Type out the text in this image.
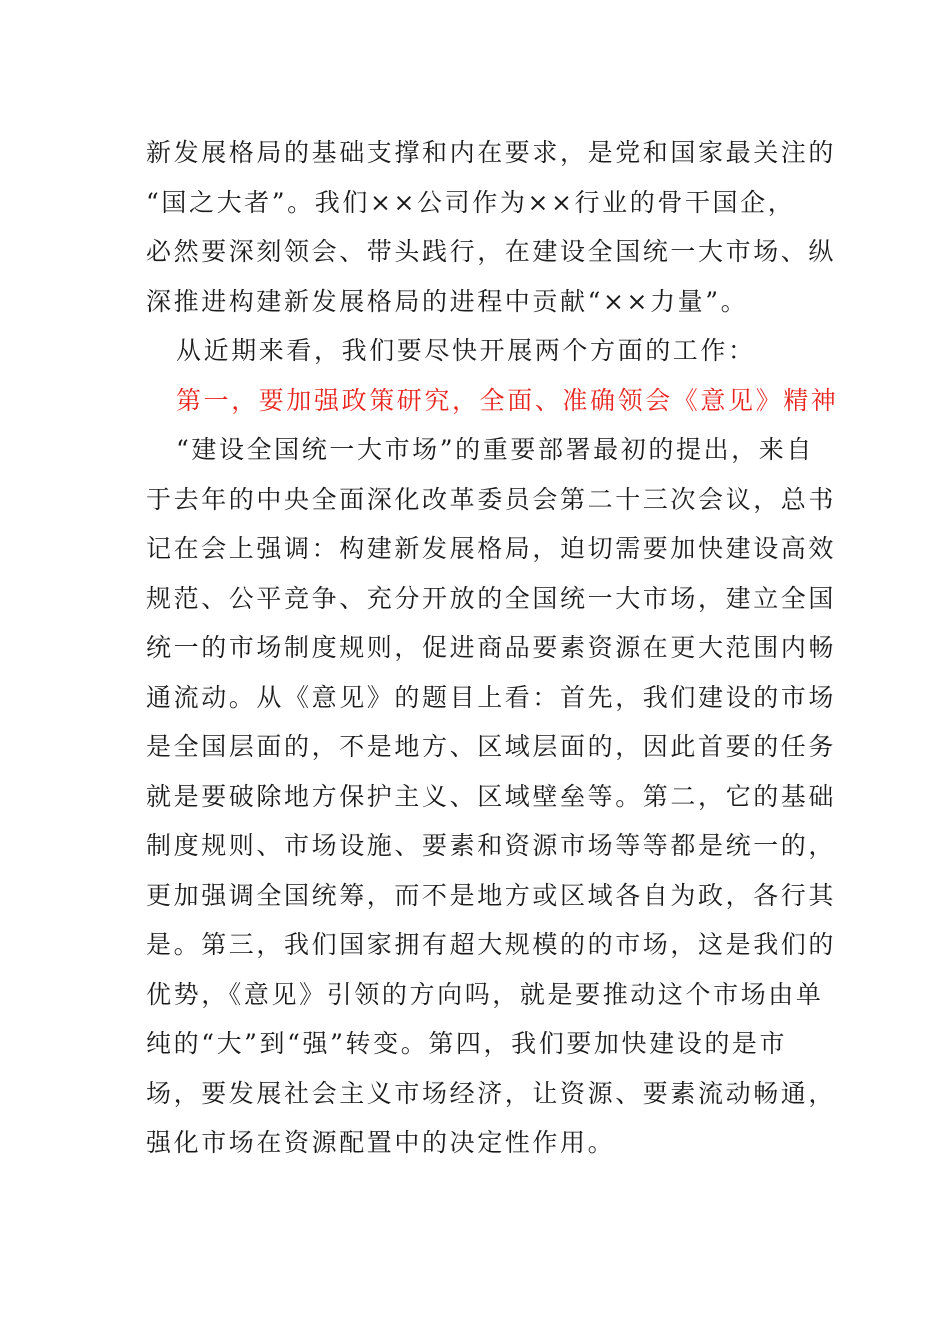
新发展格局的基础支撑和内在要求，是党和国家最关注的
“国之大者”。我们××公司作为××行业的骨干国企，
必然要深刻领会、带头践行，在建设全国统一大市场、纵
深推进构建新发展格局的进程中贡献“××力量”。
从近期来看，我们要尽快开展两个方面的工作：
第一，要加强政策研究，全面、准确领会《意见》精神
“建设全国统一大市场”的重要部署最初的提出，来自
于去年的中央全面深化改革委员会第二十三次会议，总书
记在会上强调：构建新发展格局，迫切需要加快建设高效
规范、公平竞争、充分开放的全国统一大市场，建立全国
统一的市场制度规则，促进商品要素资源在更大范围内畅
通流动。从《意见》的题目上看：首先，我们建设的市场
是全国层面的，不是地方、区域层面的，因此首要的任务
就是要破除地方保护主义、区域壁垒等。第二，它的基础
制度规则、市场设施、要素和资源市场等等都是统一的，
更加强调全国统筹，而不是地方或区域各自为政，各行其
是。第三，我们国家拥有超大规模的的市场，这是我们的
优势，《意见》引领的方向吗，就是要推动这个市场由单
纯的“大”到“强”转变。第四，我们要加快建设的是市
场，要发展社会主义市场经济，让资源、要素流动畅通，
强化市场在资源配置中的决定性作用。
